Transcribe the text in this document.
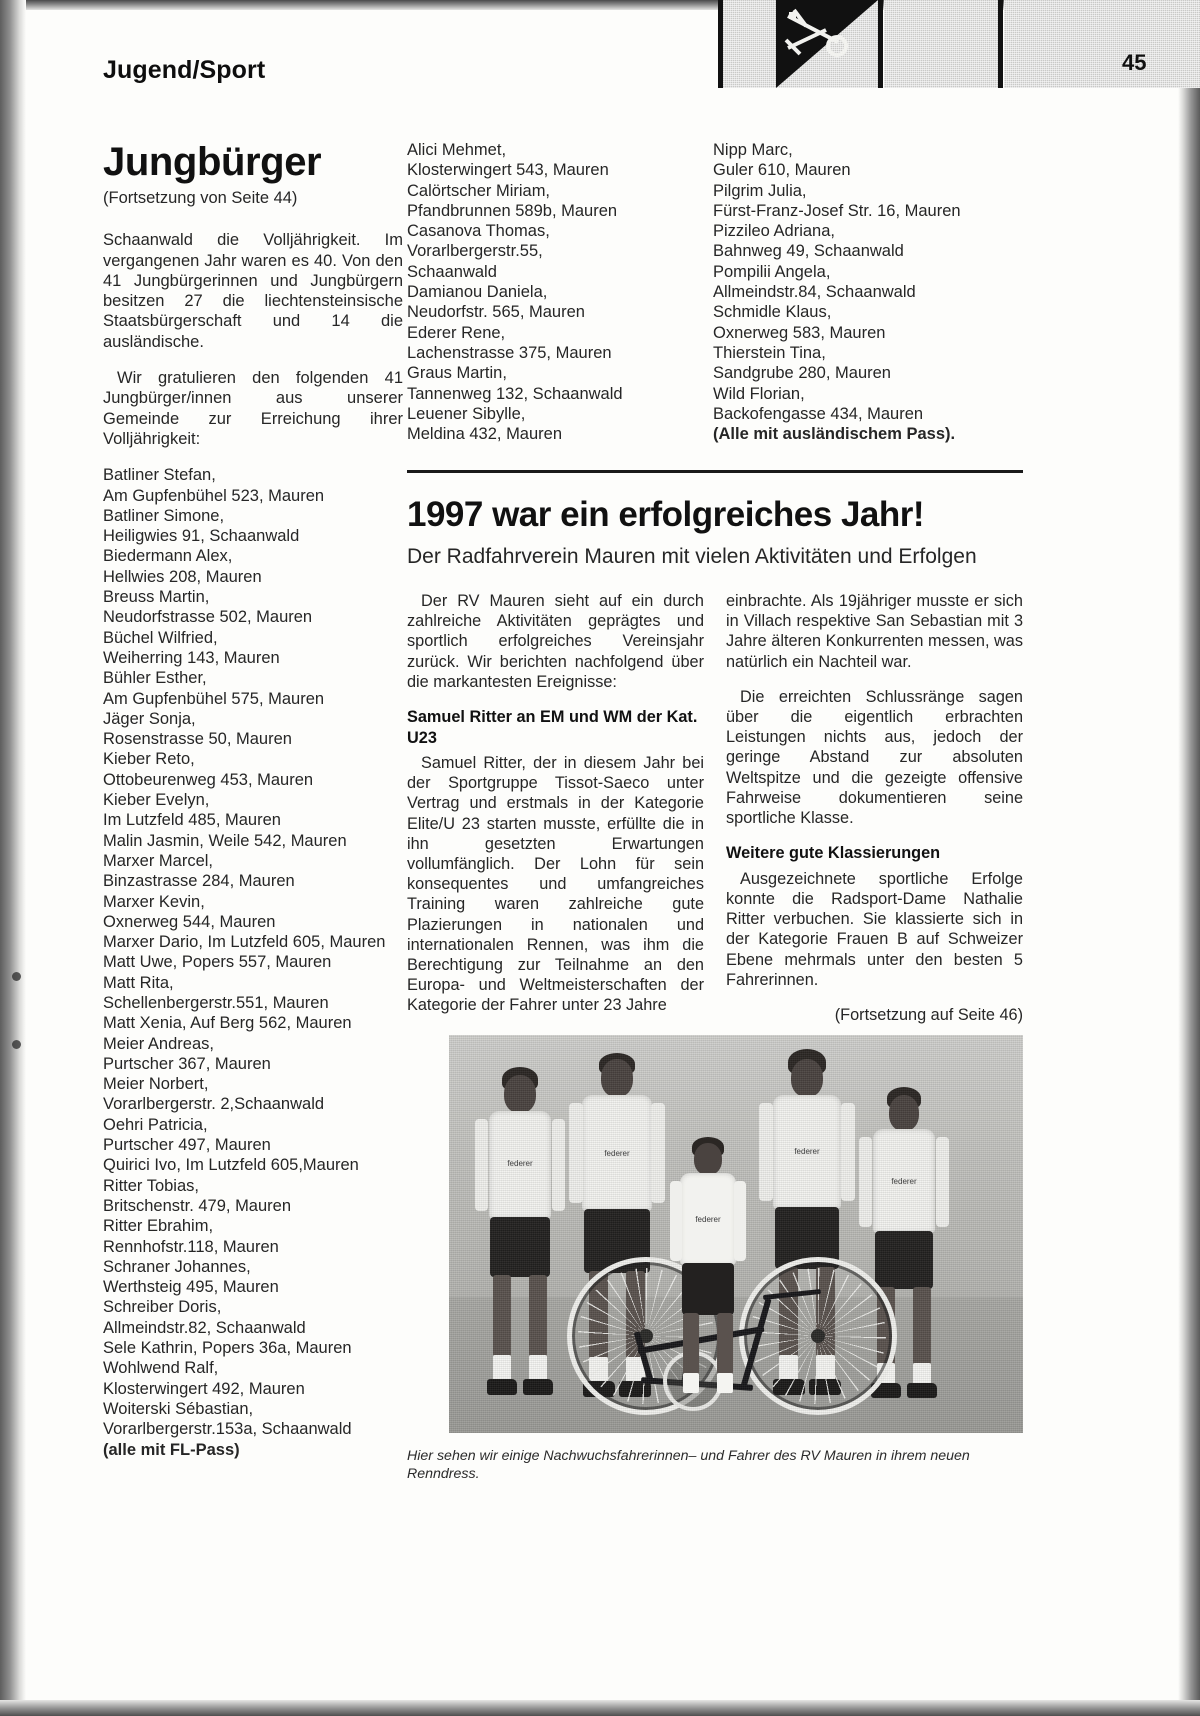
Jugend/Sport	45
Jungbürger

(Fortsetzung von Seite 44)

Schaanwald die Volljährigkeit. Im vergangenen Jahr waren es 40. Von den 41 Jungbürgerinnen und Jungbürgern besitzen 27 die liechtensteinsische Staatsbürgerschaft und 14 die ausländische.

Wir gratulieren den folgenden 41 Jungbürger/innen aus unserer Gemeinde zur Erreichung ihrer Volljährigkeit:

Batliner Stefan,
Am Gupfenbühel 523, Mauren
Batliner Simone,
Heiligwies 91, Schaanwald
Biedermann Alex,
Hellwies 208, Mauren
Breuss Martin,
Neudorfstrasse 502, Mauren
Büchel Wilfried,
Weiherring 143, Mauren
Bühler Esther,
Am Gupfenbühel 575, Mauren
Jäger Sonja,
Rosenstrasse 50, Mauren
Kieber Reto,
Ottobeurenweg 453, Mauren
Kieber Evelyn,
Im Lutzfeld 485, Mauren
Malin Jasmin, Weile 542, Mauren
Marxer Marcel,
Binzastrasse 284, Mauren
Marxer Kevin,
Oxnerweg 544, Mauren
Marxer Dario, Im Lutzfeld 605, Mauren
Matt Uwe, Popers 557, Mauren
Matt Rita,
Schellenbergerstr.551, Mauren
Matt Xenia, Auf Berg 562, Mauren
Meier Andreas,
Purtscher 367, Mauren
Meier Norbert,
Vorarlbergerstr. 2,Schaanwald
Oehri Patricia,
Purtscher 497, Mauren
Quirici Ivo, Im Lutzfeld 605,Mauren
Ritter Tobias,
Britschenstr. 479, Mauren
Ritter Ebrahim,
Rennhofstr.118, Mauren
Schraner Johannes,
Werthsteig 495, Mauren
Schreiber Doris,
Allmeindstr.82, Schaanwald
Sele Kathrin, Popers 36a, Mauren
Wohlwend Ralf,
Klosterwingert 492, Mauren
Woiterski Sébastian,
Vorarlbergerstr.153a, Schaanwald
(alle mit FL-Pass)
Alici Mehmet,
Klosterwingert 543, Mauren
Calörtscher Miriam,
Pfandbrunnen 589b, Mauren
Casanova Thomas,
Vorarlbergerstr.55,
Schaanwald
Damianou Daniela,
Neudorfstr. 565, Mauren
Ederer Rene,
Lachenstrasse 375, Mauren
Graus Martin,
Tannenweg 132, Schaanwald
Leuener Sibylle,
Meldina 432, Mauren
Nipp Marc,
Guler 610, Mauren
Pilgrim Julia,
Fürst-Franz-Josef Str. 16, Mauren
Pizzileo Adriana,
Bahnweg 49, Schaanwald
Pompilii Angela,
Allmeindstr.84, Schaanwald
Schmidle Klaus,
Oxnerweg 583, Mauren
Thierstein Tina,
Sandgrube 280, Mauren
Wild Florian,
Backofengasse 434, Mauren
(Alle mit ausländischem Pass).
1997 war ein erfolgreiches Jahr!
Der Radfahrverein Mauren mit vielen Aktivitäten und Erfolgen

Der RV Mauren sieht auf ein durch zahlreiche Aktivitäten geprägtes und sportlich erfolgreiches Vereinsjahr zurück. Wir berichten nachfolgend über die markantesten Ereignisse:

Samuel Ritter an EM und WM der Kat. U23

Samuel Ritter, der in diesem Jahr bei der Sportgruppe Tissot-Saeco unter Vertrag und erstmals in der Kategorie Elite/U 23 starten musste, erfüllte die in ihn gesetzten Erwartungen vollumfänglich. Der Lohn für sein konsequentes und umfangreiches Training waren zahlreiche gute Plazierungen in nationalen und internationalen Rennen, was ihm die Berechtigung zur Teilnahme an den Europa- und Weltmeisterschaften der Kategorie der Fahrer unter 23 Jahre

einbrachte. Als 19jähriger musste er sich in Villach respektive San Sebastian mit 3 Jahre älteren Konkurrenten messen, was natürlich ein Nachteil war.

Die erreichten Schlussränge sagen über die eigentlich erbrachten Leistungen nichts aus, jedoch der geringe Abstand zur absoluten Weltspitze und die gezeigte offensive Fahrweise dokumentieren seine sportliche Klasse.

Weitere gute Klassierungen

Ausgezeichnete sportliche Erfolge konnte die Radsport-Dame Nathalie Ritter verbuchen. Sie klassierte sich in der Kategorie Frauen B auf Schweizer Ebene mehrmals unter den besten 5 Fahrerinnen.

(Fortsetzung auf Seite 46)

federer
federer
federer
federer
federer
Hier sehen wir einige Nachwuchsfahrerinnen– und Fahrer des RV Mauren in ihrem neuen Renndress.
